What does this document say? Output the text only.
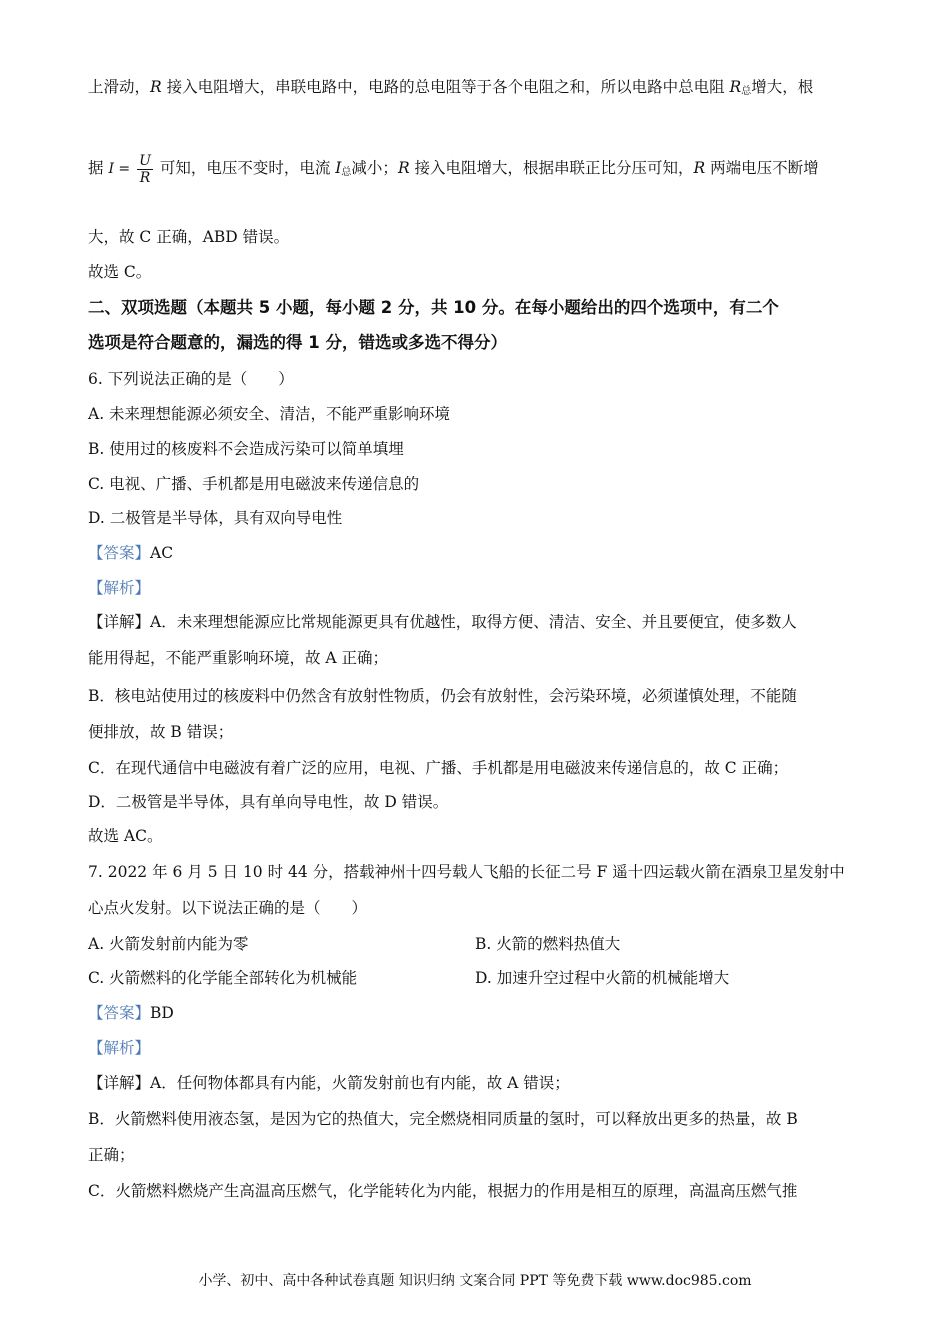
上滑动，R 接入电阻增大，串联电路中，电路的总电阻等于各个电阻之和，所以电路中总电阻 $R_总$增大，根
据 $I = \frac{U}{R}$ 可知，电压不变时，电流 $I_总$减小；R 接入电阻增大，根据串联正比分压可知，R 两端电压不断增
大，故 C 正确，ABD 错误。
故选 C。
二、双项选题（本题共 5 小题，每小题 2 分，共 10 分。在每小题给出的四个选项中，有二个
选项是符合题意的，漏选的得 1 分，错选或多选不得分）
6. 下列说法正确的是（　　）
A. 未来理想能源必须安全、清洁，不能严重影响环境
B. 使用过的核废料不会造成污染可以简单填埋
C. 电视、广播、手机都是用电磁波来传递信息的
D. 二极管是半导体，具有双向导电性
【答案】AC
【解析】
【详解】A．未来理想能源应比常规能源更具有优越性，取得方便、清洁、安全、并且要便宜，使多数人
能用得起，不能严重影响环境，故 A 正确；
B．核电站使用过的核废料中仍然含有放射性物质，仍会有放射性，会污染环境，必须谨慎处理，不能随
便排放，故 B 错误；
C．在现代通信中电磁波有着广泛的应用，电视、广播、手机都是用电磁波来传递信息的，故 C 正确；
D．二极管是半导体，具有单向导电性，故 D 错误。
故选 AC。
7. 2022 年 6 月 5 日 10 时 44 分，搭载神州十四号载人飞船的长征二号 F 遥十四运载火箭在酒泉卫星发射中
心点火发射。以下说法正确的是（　　）
A. 火箭发射前内能为零	B. 火箭的燃料热值大
C. 火箭燃料的化学能全部转化为机械能	D. 加速升空过程中火箭的机械能增大
【答案】BD
【解析】
【详解】A．任何物体都具有内能，火箭发射前也有内能，故 A 错误；
B．火箭燃料使用液态氢，是因为它的热值大，完全燃烧相同质量的氢时，可以释放出更多的热量，故 B
正确；
C．火箭燃料燃烧产生高温高压燃气，化学能转化为内能，根据力的作用是相互的原理，高温高压燃气推
小学、初中、高中各种试卷真题 知识归纳 文案合同 PPT 等免费下载 www.doc985.com
